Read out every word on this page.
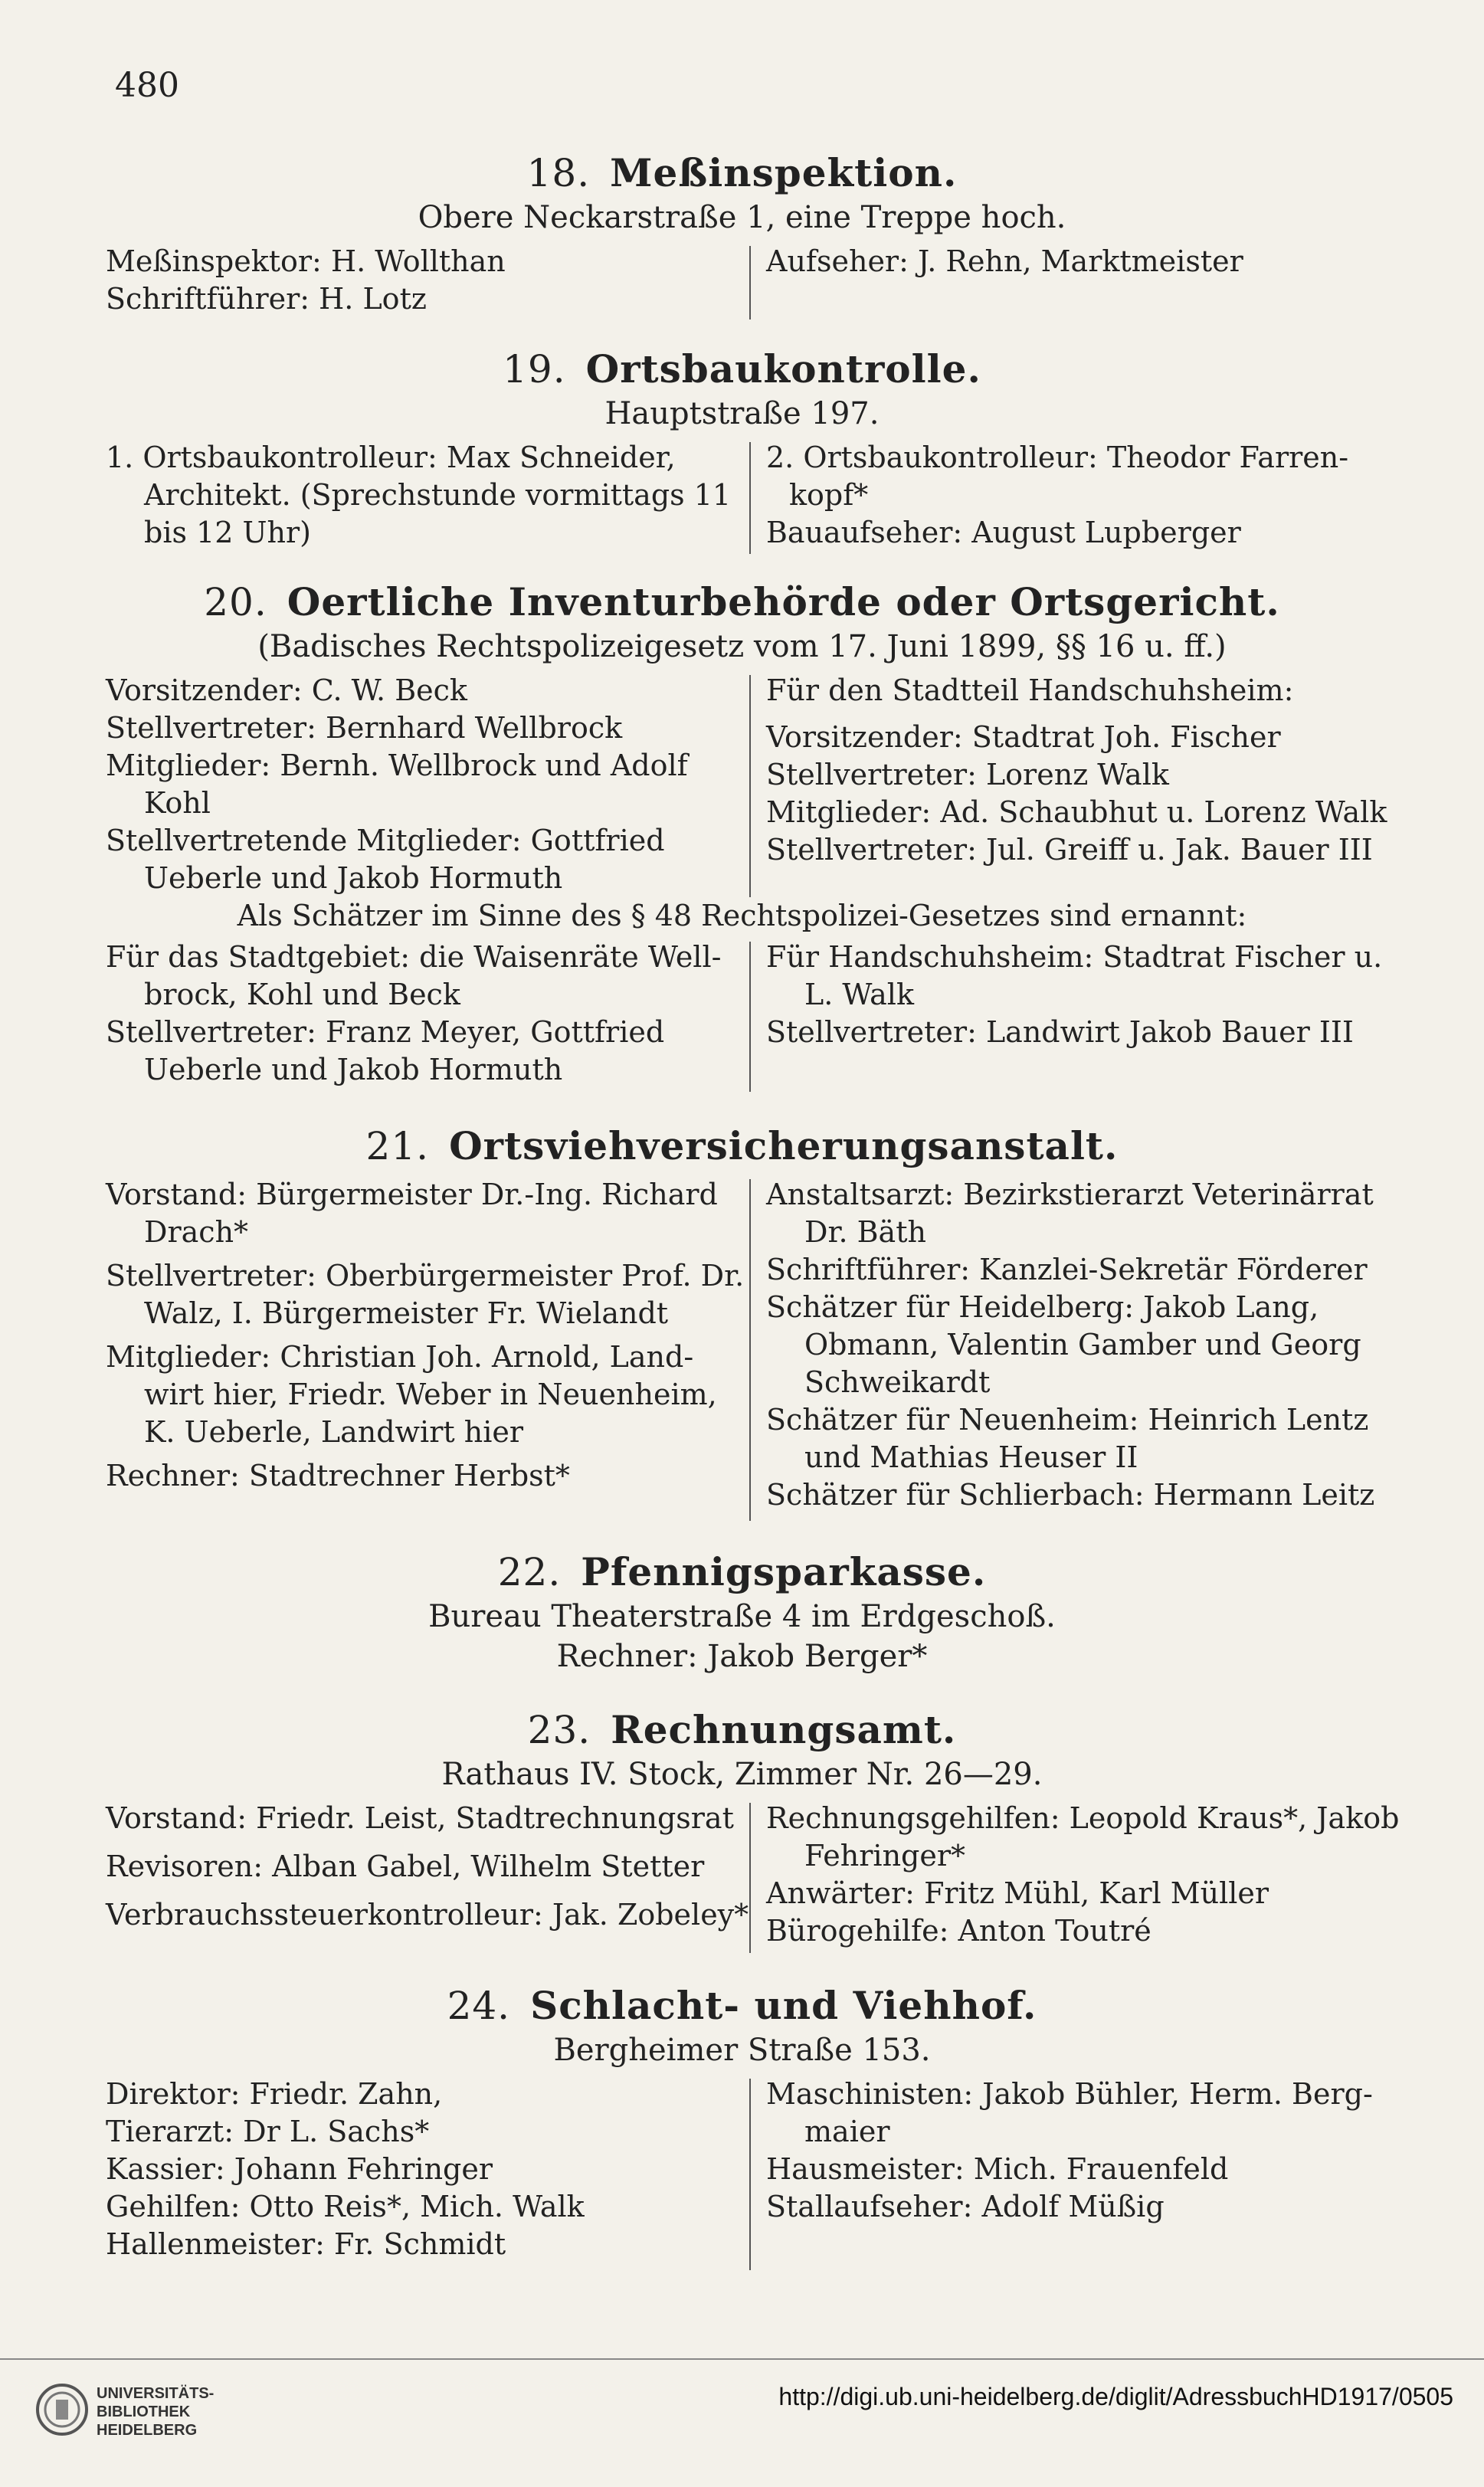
480
18. Meßinspektion.
Obere Neckarstraße 1, eine Treppe hoch.
Meßinspektor: H. Wollthan
Schriftführer: H. Lotz
Aufseher: J. Rehn, Marktmeister
19. Ortsbaukontrolle.
Hauptstraße 197.
1. Ortsbaukontrolleur: Max Schneider,
Architekt. (Sprechstunde vormittags 11
bis 12 Uhr)
2. Ortsbaukontrolleur: Theodor Farren-
kopf*
Bauaufseher: August Lupberger
20. Oertliche Inventurbehörde oder Ortsgericht.
(Badisches Rechtspolizeigesetz vom 17. Juni 1899, §§ 16 u. ff.)
Vorsitzender: C. W. Beck
Stellvertreter: Bernhard Wellbrock
Mitglieder: Bernh. Wellbrock und Adolf
Kohl
Stellvertretende Mitglieder: Gottfried
Ueberle und Jakob Hormuth
Für den Stadtteil Handschuhsheim:
Vorsitzender: Stadtrat Joh. Fischer
Stellvertreter: Lorenz Walk
Mitglieder: Ad. Schaubhut u. Lorenz Walk
Stellvertreter: Jul. Greiff u. Jak. Bauer III
Als Schätzer im Sinne des § 48 Rechtspolizei-Gesetzes sind ernannt:
Für das Stadtgebiet: die Waisenräte Well-
brock, Kohl und Beck
Stellvertreter: Franz Meyer, Gottfried
Ueberle und Jakob Hormuth
Für Handschuhsheim: Stadtrat Fischer u.
L. Walk
Stellvertreter: Landwirt Jakob Bauer III
21. Ortsviehversicherungsanstalt.
Vorstand: Bürgermeister Dr.-Ing. Richard
Drach*
Stellvertreter: Oberbürgermeister Prof. Dr.
Walz, I. Bürgermeister Fr. Wielandt
Mitglieder: Christian Joh. Arnold, Land-
wirt hier, Friedr. Weber in Neuenheim,
K. Ueberle, Landwirt hier
Rechner: Stadtrechner Herbst*
Anstaltsarzt: Bezirkstierarzt Veterinärrat
Dr. Bäth
Schriftführer: Kanzlei-Sekretär Förderer
Schätzer für Heidelberg: Jakob Lang,
Obmann, Valentin Gamber und Georg
Schweikardt
Schätzer für Neuenheim: Heinrich Lentz
und Mathias Heuser II
Schätzer für Schlierbach: Hermann Leitz
22. Pfennigsparkasse.
Bureau Theaterstraße 4 im Erdgeschoß.
Rechner: Jakob Berger*
23. Rechnungsamt.
Rathaus IV. Stock, Zimmer Nr. 26—29.
Vorstand: Friedr. Leist, Stadtrechnungsrat
Revisoren: Alban Gabel, Wilhelm Stetter
Verbrauchssteuerkontrolleur: Jak. Zobeley*
Rechnungsgehilfen: Leopold Kraus*, Jakob
Fehringer*
Anwärter: Fritz Mühl, Karl Müller
Bürogehilfe: Anton Toutré
24. Schlacht- und Viehhof.
Bergheimer Straße 153.
Direktor: Friedr. Zahn,
Tierarzt: Dr L. Sachs*
Kassier: Johann Fehringer
Gehilfen: Otto Reis*, Mich. Walk
Hallenmeister: Fr. Schmidt
Maschinisten: Jakob Bühler, Herm. Berg-
maier
Hausmeister: Mich. Frauenfeld
Stallaufseher: Adolf Müßig
UNIVERSITÄTS-
BIBLIOTHEK
HEIDELBERG
http://digi.ub.uni-heidelberg.de/diglit/AdressbuchHD1917/0505
